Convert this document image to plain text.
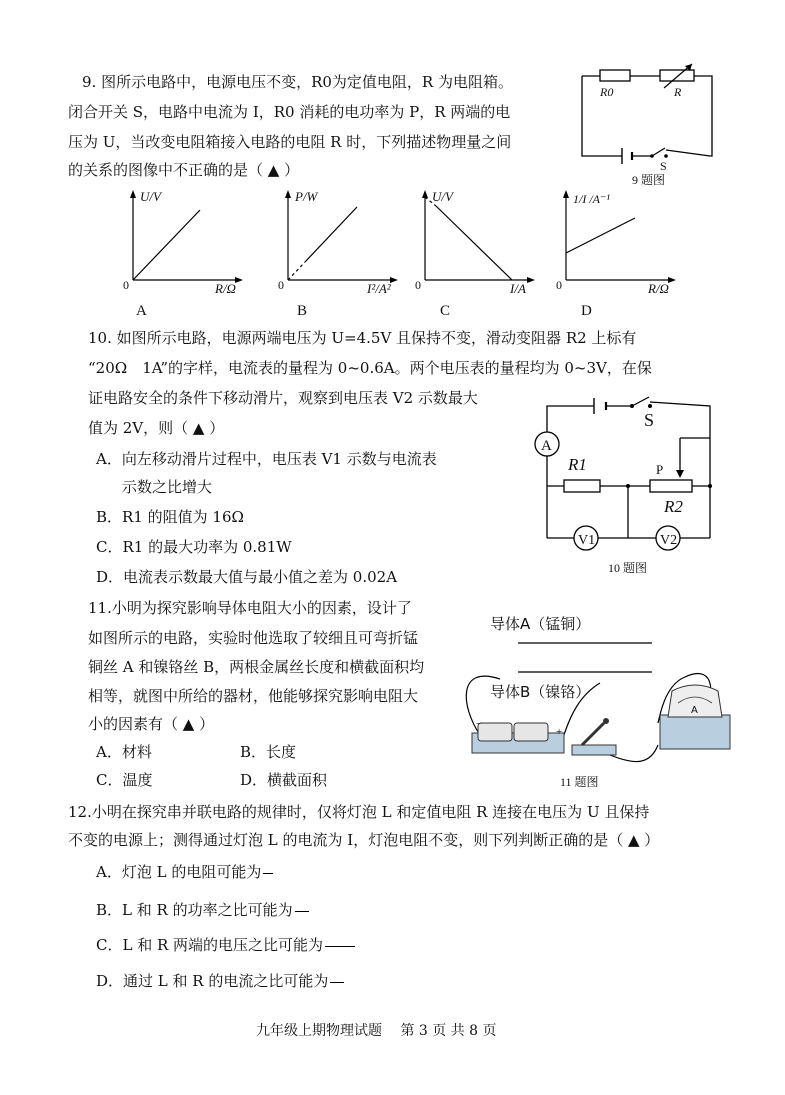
9. 图所示电路中，电源电压不变，R0为定值电阻，R 为电阻箱。
闭合开关 S，电路中电流为 I，R0 消耗的电功率为 P，R 两端的电
压为 U，当改变电阻箱接入电路的电阻 R 时，下列描述物理量之间
的关系的图像中不正确的是（ ▲ ）
R0	R
S
9 题图
U/V
0	R/Ω
A
P/W
0	I²/A²
B
U/V
0	I/A
C
1/I /A⁻¹
0	R/Ω
D
10. 如图所示电路，电源两端电压为 U=4.5V 且保持不变，滑动变阻器 R2 上标有
“20Ω　1A”的字样，电流表的量程为 0~0.6A。两个电压表的量程均为 0~3V，在保
证电路安全的条件下移动滑片，观察到电压表 V2 示数最大
值为 2V，则（ ▲ ）
A．向左移动滑片过程中，电压表 V1 示数与电流表
示数之比增大
B．R1 的阻值为 16Ω
C．R1 的最大功率为 0.81W
D．电流表示数最大值与最小值之差为 0.02A
A
V1	V2
S
R1
R2
P
10 题图
11.小明为探究影响导体电阻大小的因素，设计了
如图所示的电路，实验时他选取了较细且可弯折锰
铜丝 A 和镍铬丝 B，两根金属丝长度和横截面积均
相等，就图中所给的器材，他能够探究影响电阻大
小的因素有（ ▲ ）
A．材料	B．长度
C．温度	D．横截面积
导体A（锰铜）
导体B（镍铬）
−
+
A
11 题图
12.小明在探究串并联电路的规律时，仅将灯泡 L 和定值电阻 R 连接在电压为 U 且保持
不变的电源上；测得通过灯泡 L 的电流为 I，灯泡电阻不变，则下列判断正确的是（ ▲ ）
A．灯泡 L 的电阻可能为
B．L 和 R 的功率之比可能为
C．L 和 R 两端的电压之比可能为
D．通过 L 和 R 的电流之比可能为
九年级上期物理试题　 第 3 页 共 8 页
